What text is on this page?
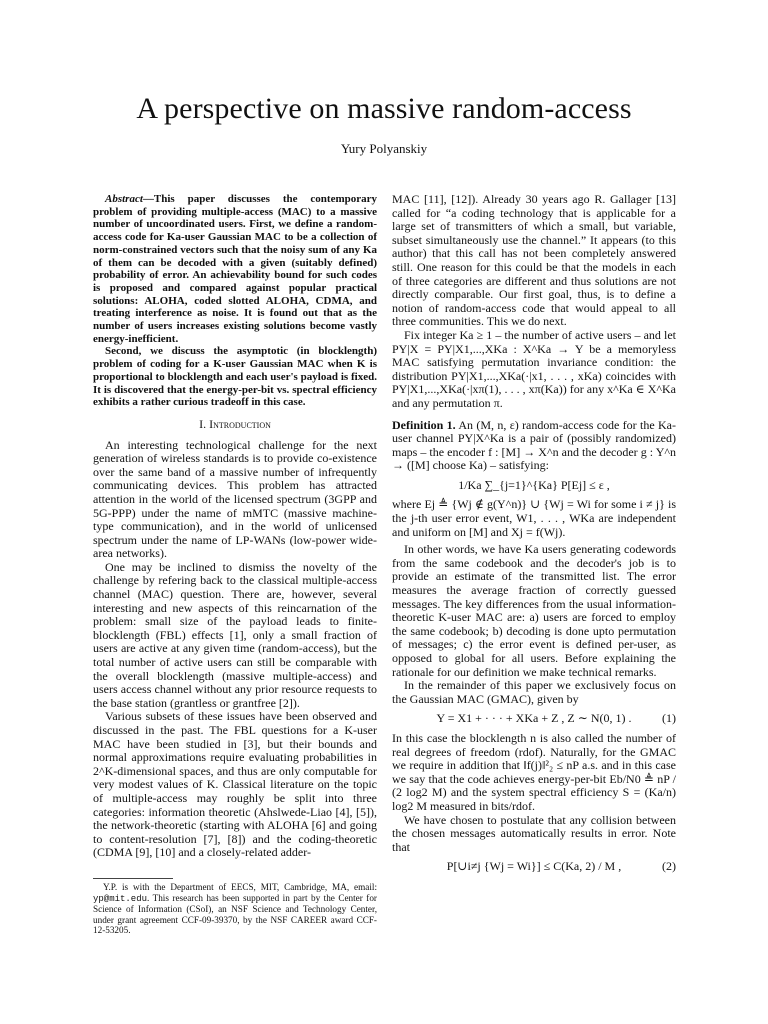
A perspective on massive random-access
Yury Polyanskiy

Abstract—This paper discusses the contemporary problem of providing multiple-access (MAC) to a massive number of uncoordinated users. First, we define a random-access code for Ka-user Gaussian MAC to be a collection of norm-constrained vectors such that the noisy sum of any Ka of them can be decoded with a given (suitably defined) probability of error. An achievability bound for such codes is proposed and compared against popular practical solutions: ALOHA, coded slotted ALOHA, CDMA, and treating interference as noise. It is found out that as the number of users increases existing solutions become vastly energy-inefficient.

Second, we discuss the asymptotic (in blocklength) problem of coding for a K-user Gaussian MAC when K is proportional to blocklength and each user's payload is fixed. It is discovered that the energy-per-bit vs. spectral efficiency exhibits a rather curious tradeoff in this case.

I. Introduction

An interesting technological challenge for the next generation of wireless standards is to provide co-existence over the same band of a massive number of infrequently communicating devices. This problem has attracted attention in the world of the licensed spectrum (3GPP and 5G-PPP) under the name of mMTC (massive machine-type communication), and in the world of unlicensed spectrum under the name of LP-WANs (low-power wide-area networks).

One may be inclined to dismiss the novelty of the challenge by refering back to the classical multiple-access channel (MAC) question. There are, however, several interesting and new aspects of this reincarnation of the problem: small size of the payload leads to finite-blocklength (FBL) effects [1], only a small fraction of users are active at any given time (random-access), but the total number of active users can still be comparable with the overall blocklength (massive multiple-access) and users access channel without any prior resource requests to the base station (grantless or grantfree [2]).

Various subsets of these issues have been observed and discussed in the past. The FBL questions for a K-user MAC have been studied in [3], but their bounds and normal approximations require evaluating probabilities in 2^K-dimensional spaces, and thus are only computable for very modest values of K. Classical literature on the topic of multiple-access may roughly be split into three categories: information theoretic (Ahslwede-Liao [4], [5]), the network-theoretic (starting with ALOHA [6] and going to content-resolution [7], [8]) and the coding-theoretic (CDMA [9], [10] and a closely-related adder-

Y.P. is with the Department of EECS, MIT, Cambridge, MA, email: yp@mit.edu. This research has been supported in part by the Center for Science of Information (CSoI), an NSF Science and Technology Center, under grant agreement CCF-09-39370, by the NSF CAREER award CCF-12-53205.

MAC [11], [12]). Already 30 years ago R. Gallager [13] called for “a coding technology that is applicable for a large set of transmitters of which a small, but variable, subset simultaneously use the channel.” It appears (to this author) that this call has not been completely answered still. One reason for this could be that the models in each of three categories are different and thus solutions are not directly comparable. Our first goal, thus, is to define a notion of random-access code that would appeal to all three communities. This we do next.

Fix integer Ka ≥ 1 – the number of active users – and let PY|X = PY|X1,...,XKa : X^Ka → Y be a memoryless MAC satisfying permutation invariance condition: the distribution PY|X1,...,XKa(·|x1, . . . , xKa) coincides with PY|X1,...,XKa(·|xπ(1), . . . , xπ(Ka)) for any x^Ka ∈ X^Ka and any permutation π.

Definition 1. An (M, n, ε) random-access code for the Ka-user channel PY|X^Ka is a pair of (possibly randomized) maps – the encoder f : [M] → X^n and the decoder g : Y^n → ([M] choose Ka) – satisfying:

1/Ka ∑_{j=1}^{Ka} P[Ej] ≤ ε ,

where Ej ≜ {Wj ∉ g(Y^n)} ∪ {Wj = Wi for some i ≠ j} is the j-th user error event, W1, . . . , WKa are independent and uniform on [M] and Xj = f(Wj).

In other words, we have Ka users generating codewords from the same codebook and the decoder's job is to provide an estimate of the transmitted list. The error measures the average fraction of correctly guessed messages. The key differences from the usual information-theoretic K-user MAC are: a) users are forced to employ the same codebook; b) decoding is done upto permutation of messages; c) the error event is defined per-user, as opposed to global for all users. Before explaining the rationale for our definition we make technical remarks.

In the remainder of this paper we exclusively focus on the Gaussian MAC (GMAC), given by

Y = X1 + · · · + XKa + Z , Z ∼ N(0, 1) .	(1)

In this case the blocklength n is also called the number of real degrees of freedom (rdof). Naturally, for the GMAC we require in addition that ‖f(j)‖²₂ ≤ nP a.s. and in this case we say that the code achieves energy-per-bit Eb/N0 ≜ nP / (2 log2 M) and the system spectral efficiency S = (Ka/n) log2 M measured in bits/rdof.

We have chosen to postulate that any collision between the chosen messages automatically results in error. Note that

P[∪i≠j {Wj = Wi}] ≤ C(Ka, 2) / M ,	(2)
